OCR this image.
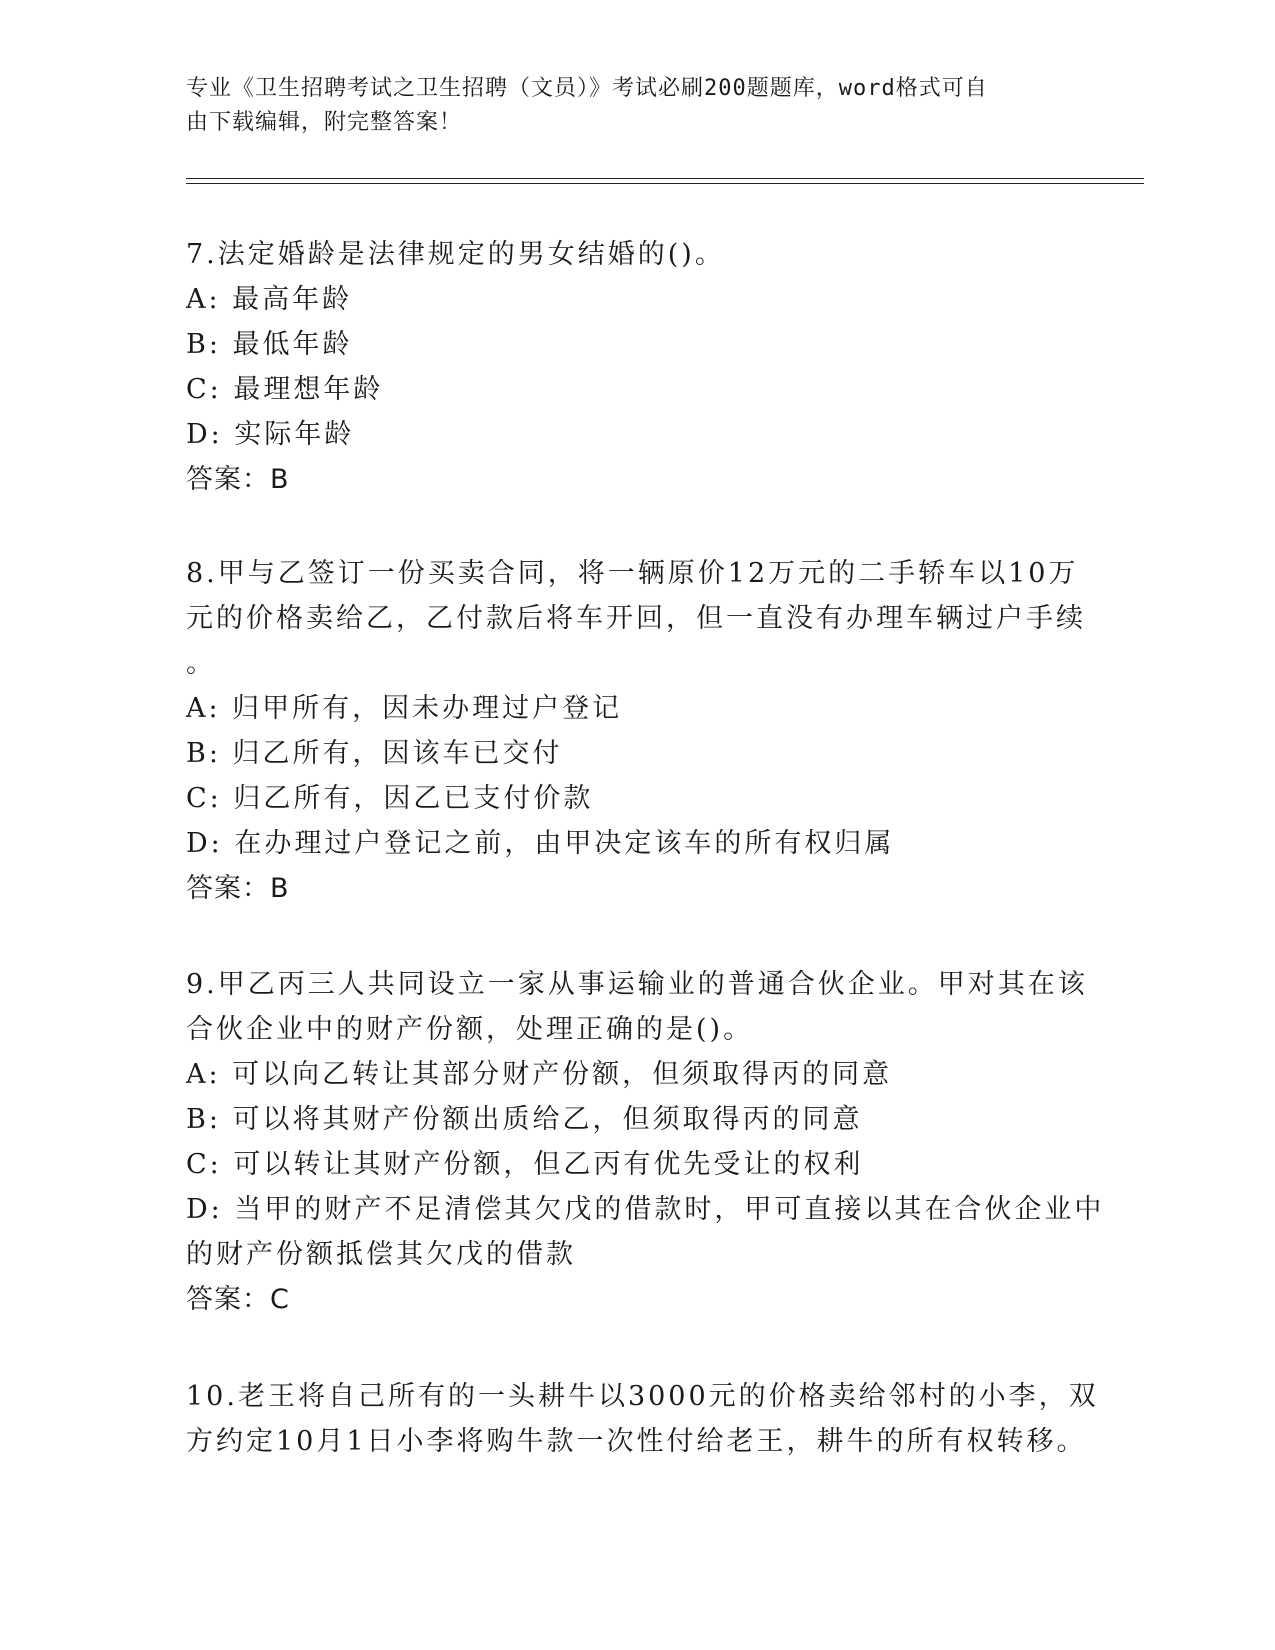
专业《卫生招聘考试之卫生招聘（文员）》考试必刷200题题库，word格式可自
由下载编辑，附完整答案！
7.法定婚龄是法律规定的男女结婚的()。
A: 最高年龄
B: 最低年龄
C: 最理想年龄
D: 实际年龄
答案：B
8.甲与乙签订一份买卖合同，将一辆原价12万元的二手轿车以10万
元的价格卖给乙，乙付款后将车开回，但一直没有办理车辆过户手续
。
A: 归甲所有，因未办理过户登记
B: 归乙所有，因该车已交付
C: 归乙所有，因乙已支付价款
D: 在办理过户登记之前，由甲决定该车的所有权归属
答案：B
9.甲乙丙三人共同设立一家从事运输业的普通合伙企业。甲对其在该
合伙企业中的财产份额，处理正确的是()。
A: 可以向乙转让其部分财产份额，但须取得丙的同意
B: 可以将其财产份额出质给乙，但须取得丙的同意
C: 可以转让其财产份额，但乙丙有优先受让的权利
D: 当甲的财产不足清偿其欠戊的借款时，甲可直接以其在合伙企业中
的财产份额抵偿其欠戊的借款
答案：C
10.老王将自己所有的一头耕牛以3000元的价格卖给邻村的小李，双
方约定10月1日小李将购牛款一次性付给老王，耕牛的所有权转移。
